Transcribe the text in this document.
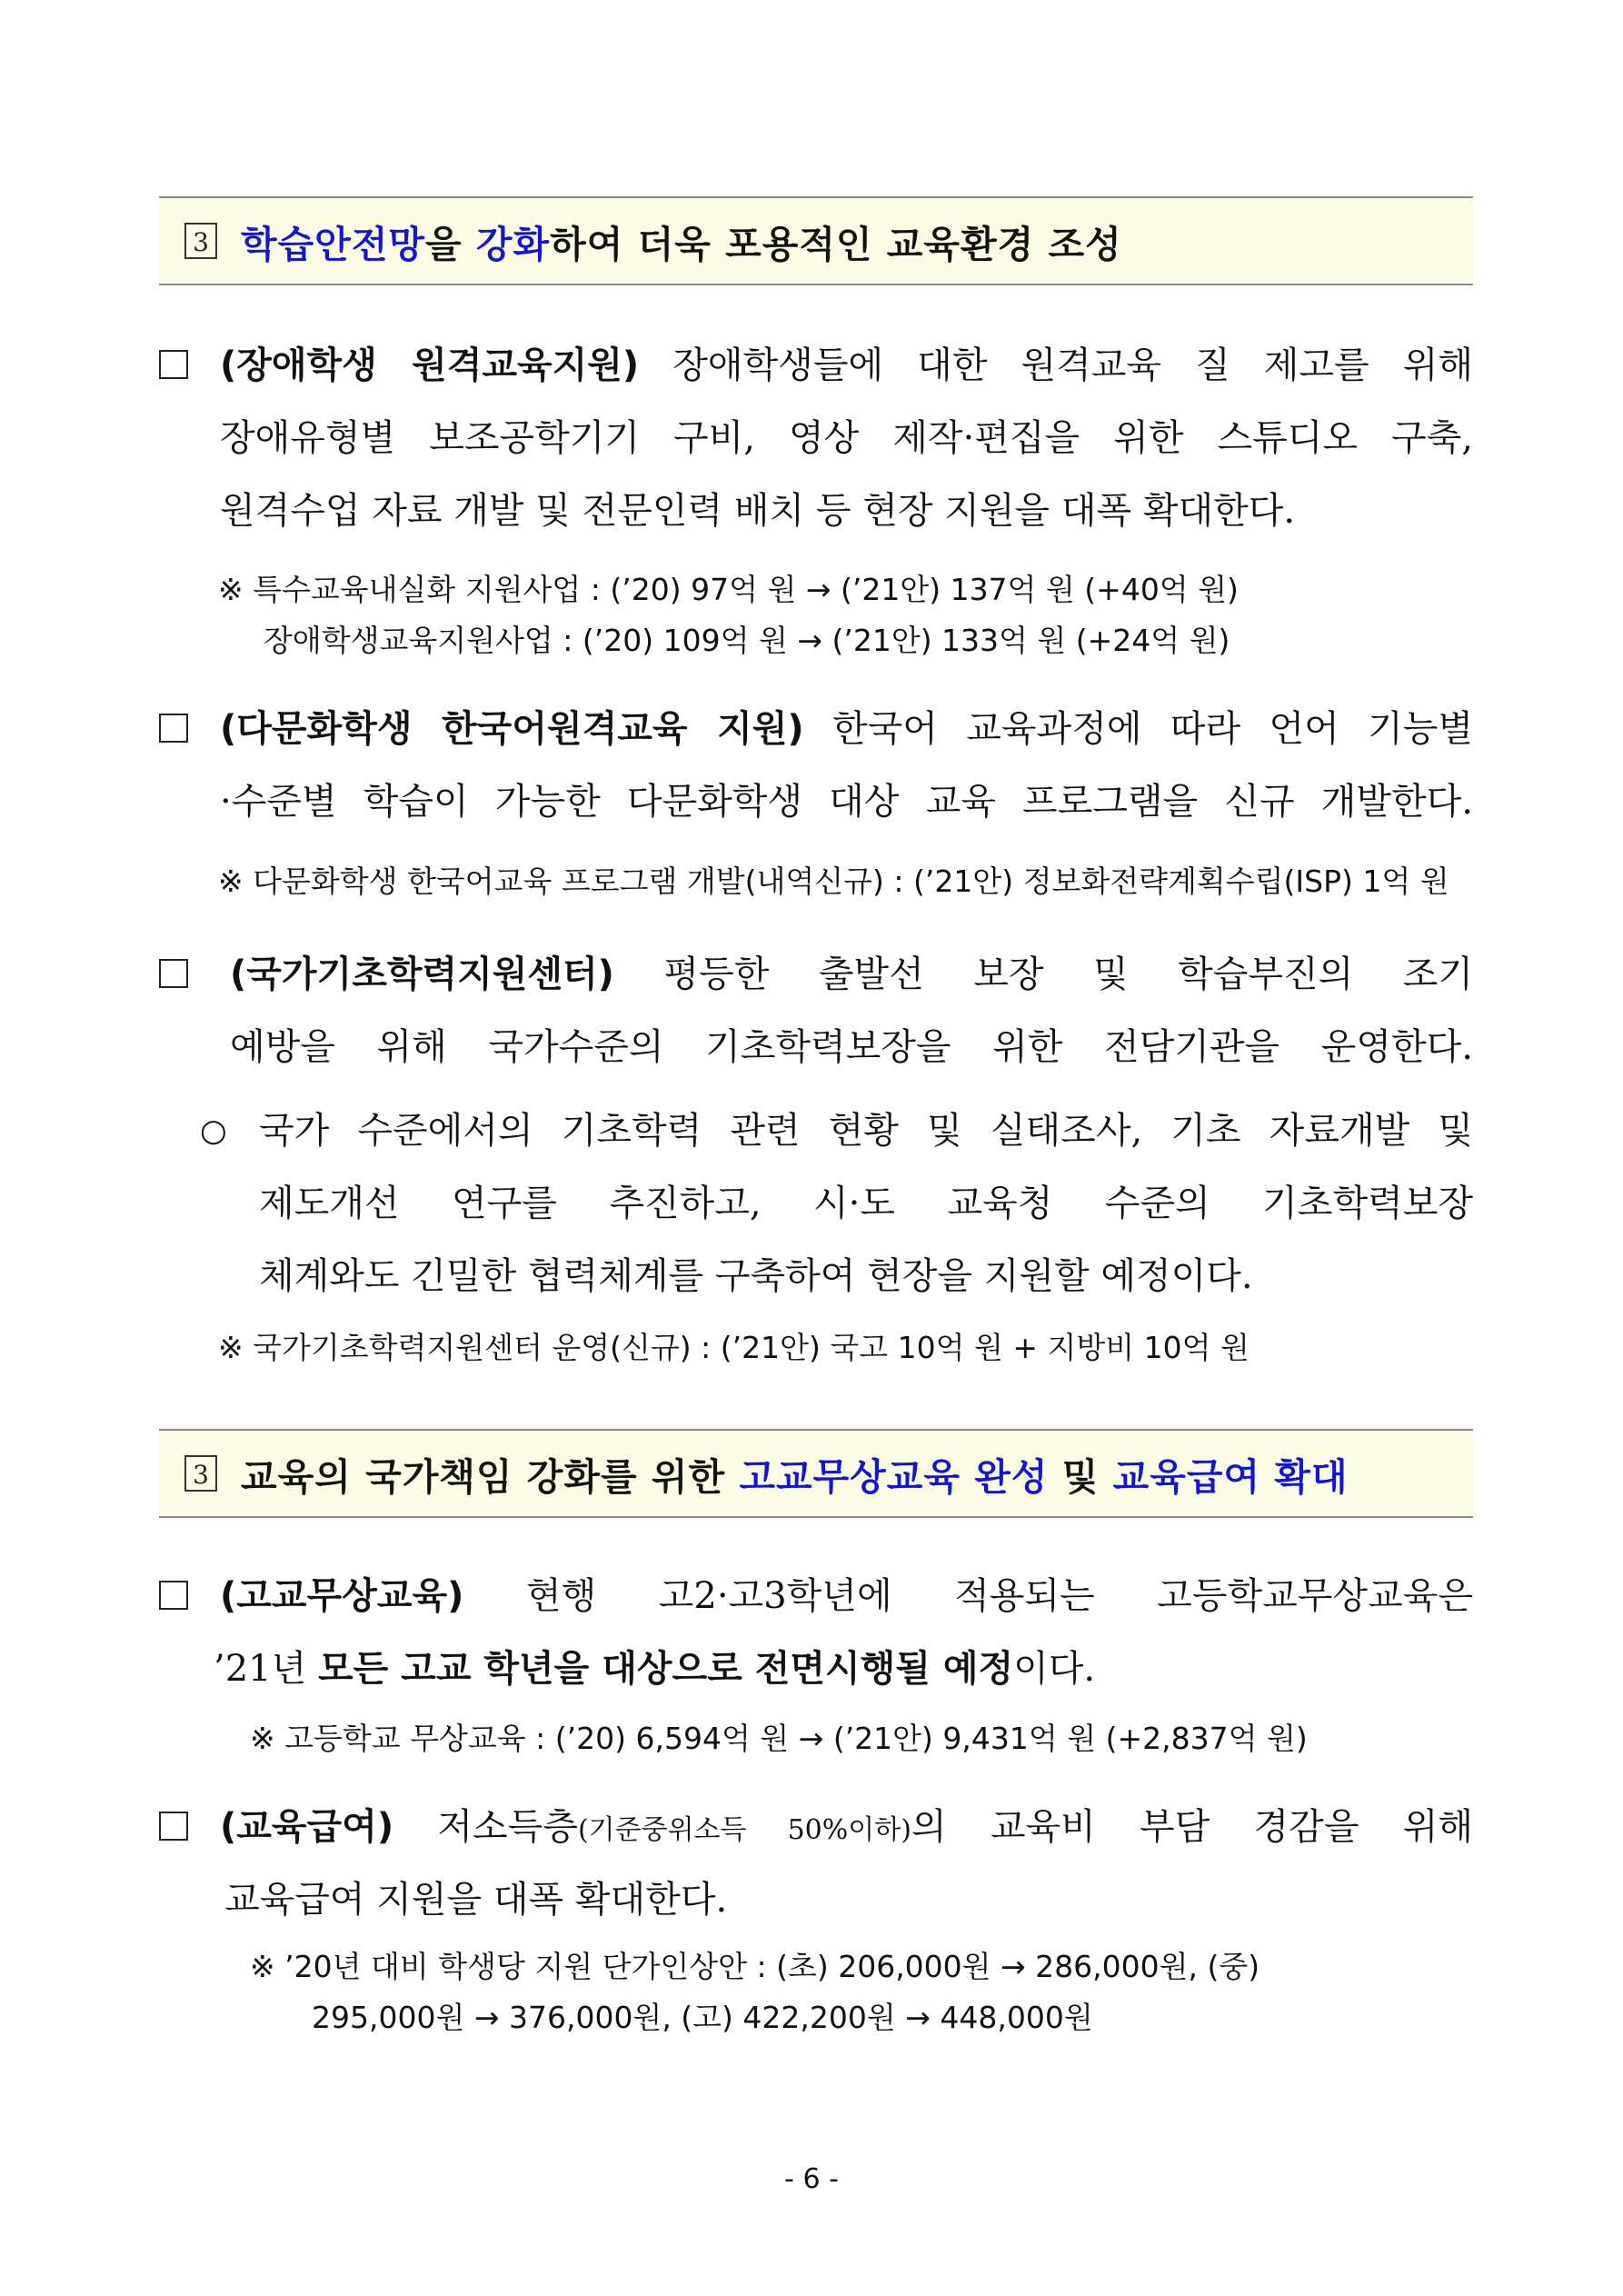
3 학습안전망을 강화하여 더욱 포용적인 교육환경 조성
(장애학생 원격교육지원) 장애학생들에 대한 원격교육 질 제고를 위해
장애유형별 보조공학기기 구비, 영상 제작·편집을 위한 스튜디오 구축,
원격수업 자료 개발 및 전문인력 배치 등 현장 지원을 대폭 확대한다.
※ 특수교육내실화 지원사업 : (’20) 97억 원 → (’21안) 137억 원 (+40억 원)
장애학생교육지원사업 : (’20) 109억 원 → (’21안) 133억 원 (+24억 원)
(다문화학생 한국어원격교육 지원) 한국어 교육과정에 따라 언어 기능별
·수준별 학습이 가능한 다문화학생 대상 교육 프로그램을 신규 개발한다.
※ 다문화학생 한국어교육 프로그램 개발(내역신규) : (’21안) 정보화전략계획수립(ISP) 1억 원
(국가기초학력지원센터) 평등한 출발선 보장 및 학습부진의 조기
예방을 위해 국가수준의 기초학력보장을 위한 전담기관을 운영한다.
○ 국가 수준에서의 기초학력 관련 현황 및 실태조사, 기초 자료개발 및
제도개선 연구를 추진하고, 시·도 교육청 수준의 기초학력보장
체계와도 긴밀한 협력체계를 구축하여 현장을 지원할 예정이다.
※ 국가기초학력지원센터 운영(신규) : (’21안) 국고 10억 원 + 지방비 10억 원
3 교육의 국가책임 강화를 위한 고교무상교육 완성 및 교육급여 확대
(고교무상교육) 현행 고2·고3학년에 적용되는 고등학교무상교육은
’21년 모든 고교 학년을 대상으로 전면시행될 예정이다.
※ 고등학교 무상교육 : (’20) 6,594억 원 → (’21안) 9,431억 원 (+2,837억 원)
(교육급여) 저소득층(기준중위소득 50%이하)의 교육비 부담 경감을 위해
교육급여 지원을 대폭 확대한다.
※ ’20년 대비 학생당 지원 단가인상안 : (초) 206,000원 → 286,000원, (중)
295,000원 → 376,000원, (고) 422,200원 → 448,000원
- 6 -
